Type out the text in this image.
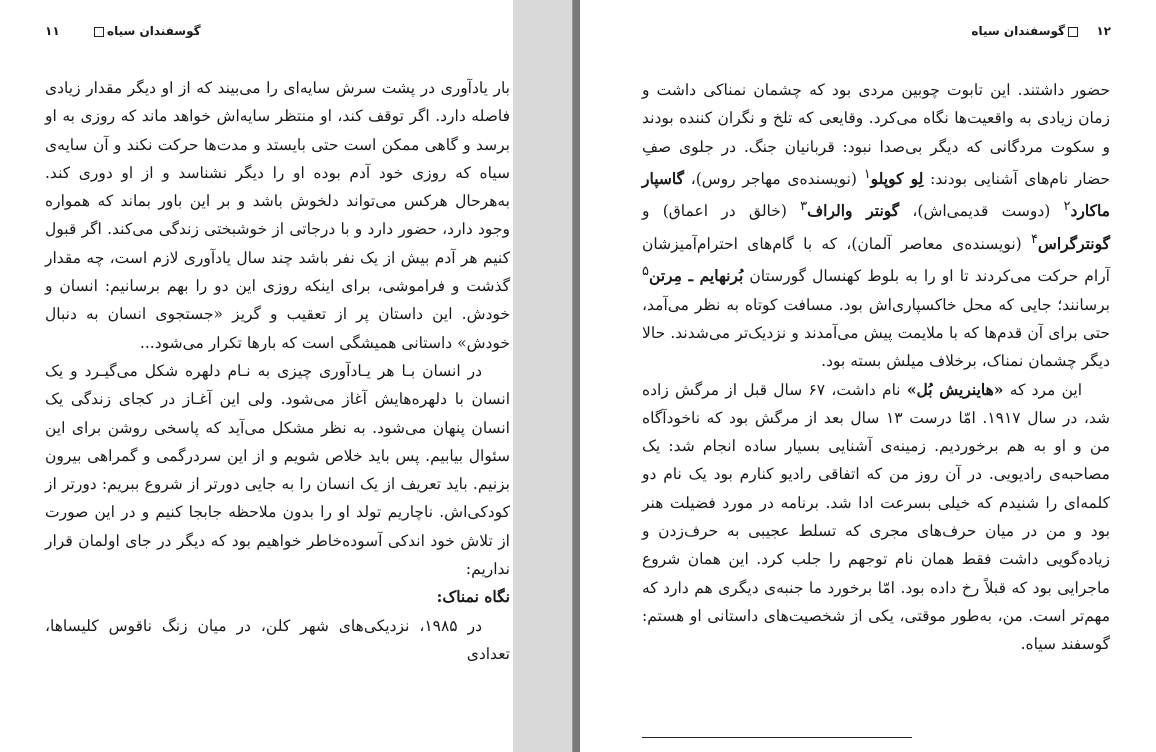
گوسفندان سیاه
۱۱

بار یادآوری در پشت سرش سایه‌ای را می‌بیند که از او دیگر مقدار زیادی فاصله دارد. اگر توقف کند، او منتظر سایه‌اش خواهد ماند که روزی به او برسد و گاهی ممکن است حتی بایستد و مدت‌ها حرکت نکند و آن سایه‌ی سیاه که روزی خود آدم بوده او را دیگر نشناسد و از او دوری کند. به‌هرحال هرکس می‌تواند دلخوش باشد و بر این باور بماند که همواره وجود دارد، حضور دارد و با درجاتی از خوشبختی زندگی می‌کند. اگر قبول کنیم هر آدم بیش از یک نفر باشد چند سال یادآوری لازم است، چه مقدار گذشت و فراموشی، برای اینکه روزی این دو را بهم برسانیم: انسان و خودش. این داستان پر از تعقیب و گریز «جستجوی انسان به دنبال خودش» داستانی همیشگی است که بارها تکرار می‌شود...

در انسان بـا هر یـادآوری چیزی به نـام دلهره شکل می‌گیـرد و یک انسان با دلهره‌هایش آغاز می‌شود. ولی این آغـاز در کجای زندگی یک انسان پنهان می‌شود. به نظر مشکل می‌آید که پاسخی روشن برای این سئوال بیابیم. پس باید خلاص شویم و از این سردرگمی و گمراهی بیرون بزنیم. باید تعریف از یک انسان را به جایی دورتر از شروع ببریم: دورتر از کودکی‌اش. ناچاریم تولد او را بدون ملاحظه جابجا کنیم و در این صورت از تلاش خود اندکی آسوده‌خاطر خواهیم بود که دیگر در جای اولمان قرار نداریم:

نگاه نمناک:

در ۱۹۸۵، نزدیکی‌های شهر کلن، در میان زنگ ناقوس کلیساها، تعدادی

۱۲
گوسفندان سیاه

حضور داشتند. این تابوت چوبین مردی بود که چشمان نمناکی داشت و زمان زیادی به واقعیت‌ها نگاه می‌کرد. وقایعی که تلخ و نگران کننده بودند و سکوت مردگانی که دیگر بی‌صدا نبود: قربانیان جنگ. در جلوی صفِ حضار نام‌های آشنایی بودند: لِو کوپلو$^۱$ (نویسنده‌ی مهاجر روس)، گاسپار ماکارد$^۲$ (دوست قدیمی‌اش)، گونتر والراف$^۳$ (خالق در اعماق) و گونترگراس$^۴$ (نویسنده‌ی معاصر آلمان)، که با گام‌های احترام‌آمیزشان آرام حرکت می‌کردند تا او را به بلوط کهنسال گورستان بُرنهایم ـ مِرتن$^۵$ برسانند؛ جایی که محل خاکسپاری‌اش بود. مسافت کوتاه به نظر می‌آمد، حتی برای آن قدم‌ها که با ملایمت پیش می‌آمدند و نزدیک‌تر می‌شدند. حالا دیگر چشمان نمناک، برخلاف میلش بسته بود.

این مرد که «هاینریش بُل» نام داشت، ۶۷ سال قبل از مرگش زاده شد، در سال ۱۹۱۷. امّا درست ۱۳ سال بعد از مرگش بود که ناخودآگاه من و او به هم برخوردیم. زمینه‌ی آشنایی بسیار ساده انجام شد: یک مصاحبه‌ی رادیویی. در آن روز من که اتفاقی رادیو کنارم بود یک نام دو کلمه‌ای را شنیدم که خیلی بسرعت ادا شد. برنامه در مورد فضیلت هنر بود و من در میان حرف‌های مجری که تسلط عجیبی به حرف‌زدن و زیاده‌گویی داشت فقط همان نام توجهم را جلب کرد. این همان شروع ماجرایی بود که قبلاً رخ داده بود. امّا برخورد ما جنبه‌ی دیگری هم دارد که مهم‌تر است. من، به‌طور موقتی، یکی از شخصیت‌های داستانی او هستم: گوسفند سیاه.
